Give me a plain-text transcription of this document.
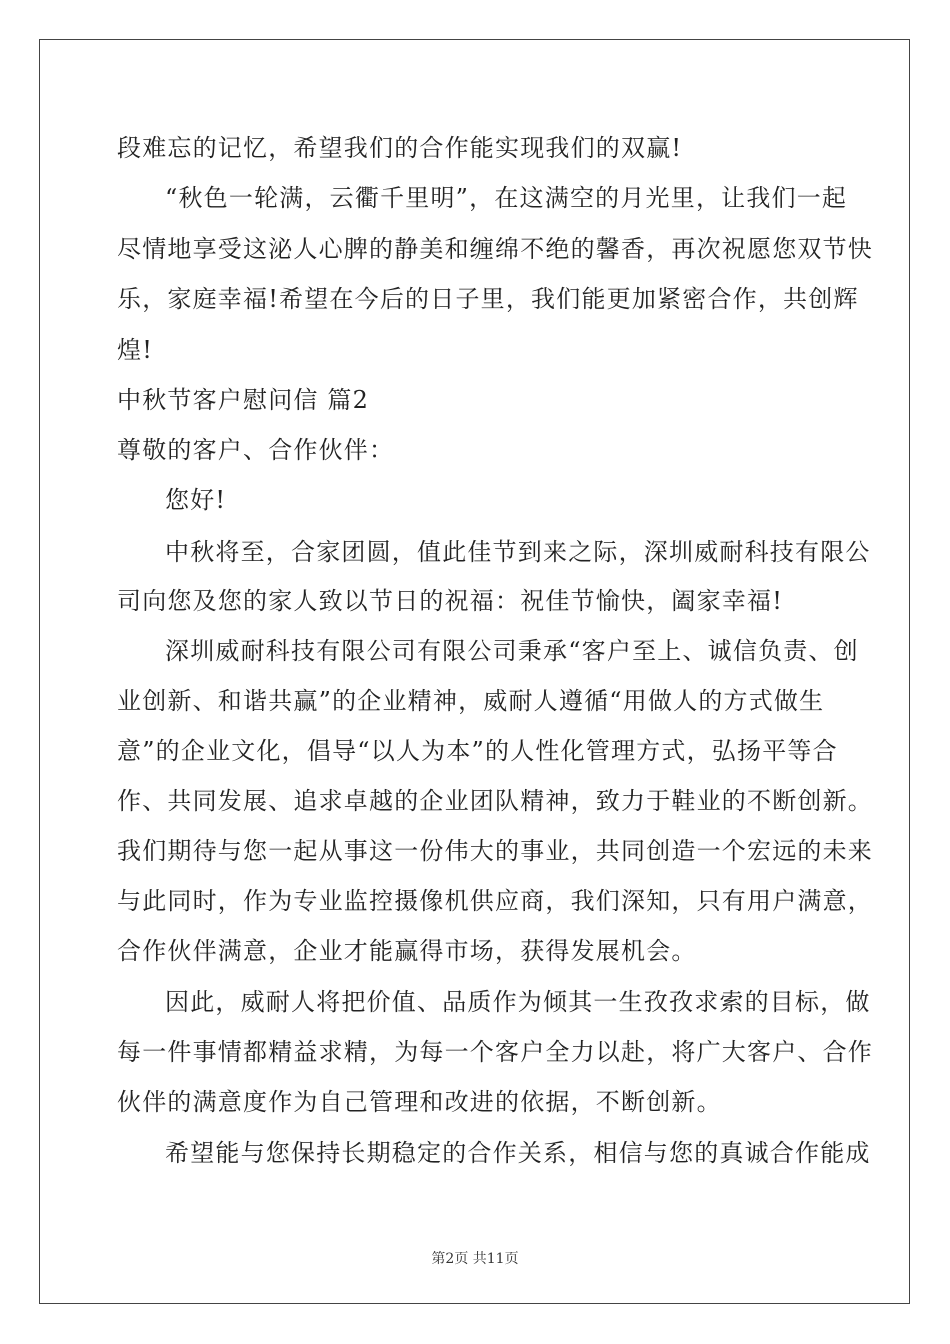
段难忘的记忆，希望我们的合作能实现我们的双赢!
“秋色一轮满，云衢千里明”，在这满空的月光里，让我们一起
尽情地享受这泌人心脾的静美和缠绵不绝的馨香，再次祝愿您双节快
乐，家庭幸福!希望在今后的日子里，我们能更加紧密合作，共创辉
煌!
中秋节客户慰问信 篇2
尊敬的客户、合作伙伴：
您好!
中秋将至，合家团圆，值此佳节到来之际，深圳威耐科技有限公
司向您及您的家人致以节日的祝福：祝佳节愉快，阖家幸福!
深圳威耐科技有限公司有限公司秉承“客户至上、诚信负责、创
业创新、和谐共赢”的企业精神，威耐人遵循“用做人的方式做生
意”的企业文化，倡导“以人为本”的人性化管理方式，弘扬平等合
作、共同发展、追求卓越的企业团队精神，致力于鞋业的不断创新。
我们期待与您一起从事这一份伟大的事业，共同创造一个宏远的未来
与此同时，作为专业监控摄像机供应商，我们深知，只有用户满意，
合作伙伴满意，企业才能赢得市场，获得发展机会。
因此，威耐人将把价值、品质作为倾其一生孜孜求索的目标，做
每一件事情都精益求精，为每一个客户全力以赴，将广大客户、合作
伙伴的满意度作为自己管理和改进的依据，不断创新。
希望能与您保持长期稳定的合作关系，相信与您的真诚合作能成
第2页 共11页
